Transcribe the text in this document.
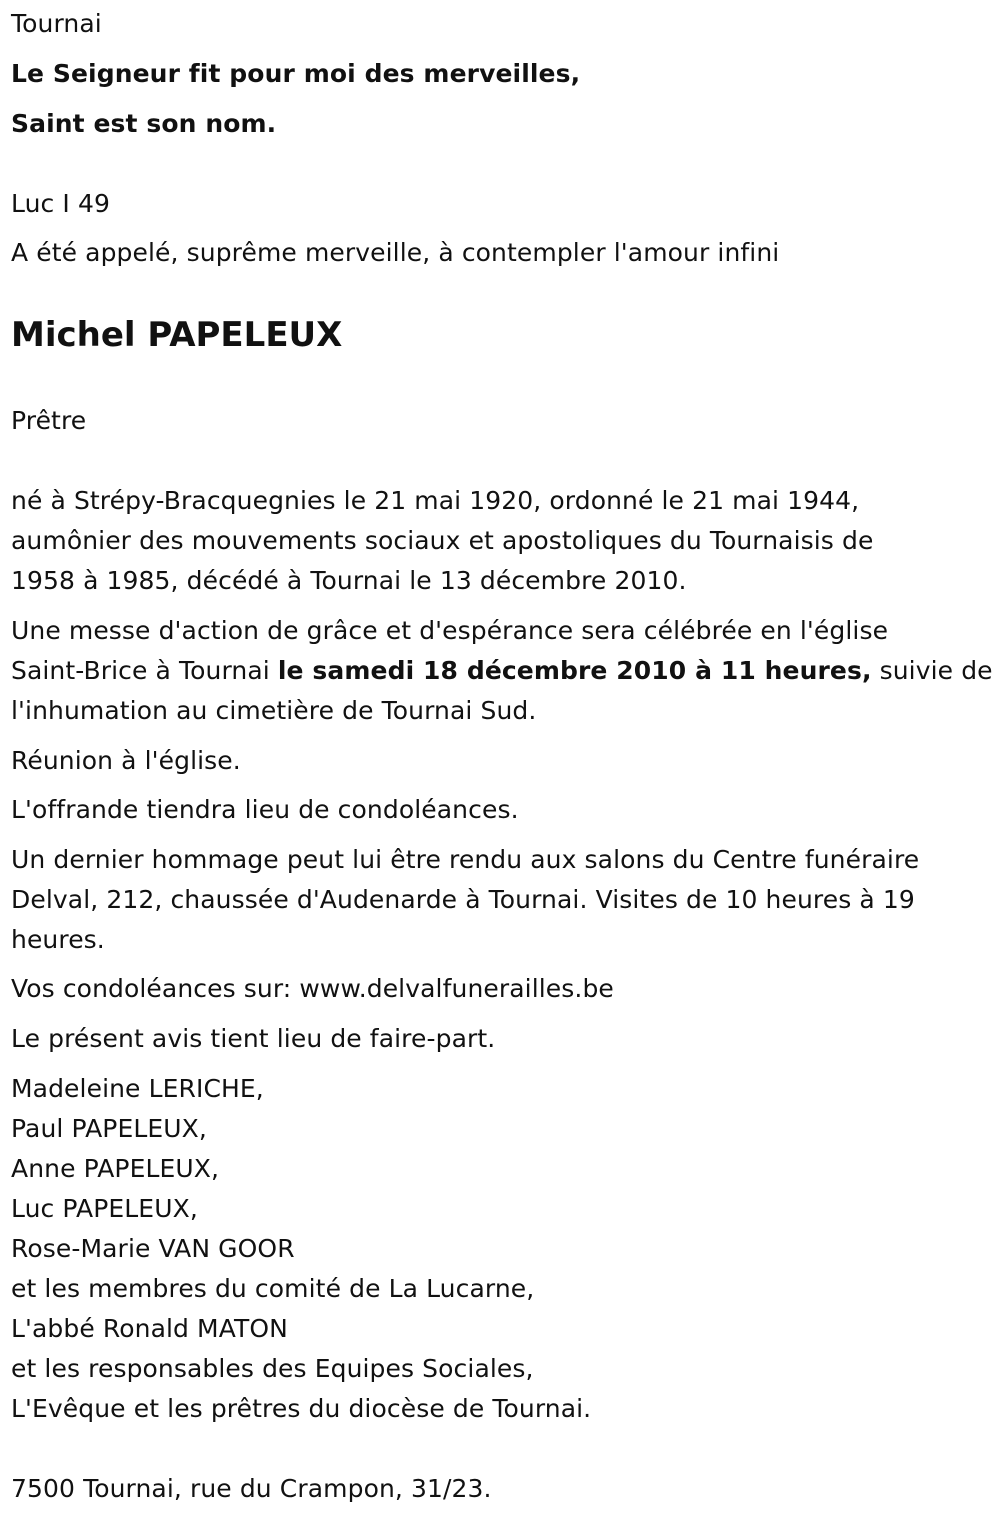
Tournai
Le Seigneur fit pour moi des merveilles,
Saint est son nom.
Luc I 49
A été appelé, suprême merveille, à contempler l'amour infini
Michel PAPELEUX
Prêtre
né à Strépy-Bracquegnies le 21 mai 1920, ordonné le 21 mai 1944,
aumônier des mouvements sociaux et apostoliques du Tournaisis de
1958 à 1985, décédé à Tournai le 13 décembre 2010.
Une messe d'action de grâce et d'espérance sera célébrée en l'église
Saint-Brice à Tournai le samedi 18 décembre 2010 à 11 heures, suivie de
l'inhumation au cimetière de Tournai Sud.
Réunion à l'église.
L'offrande tiendra lieu de condoléances.
Un dernier hommage peut lui être rendu aux salons du Centre funéraire
Delval, 212, chaussée d'Audenarde à Tournai. Visites de 10 heures à 19
heures.
Vos condoléances sur: www.delvalfunerailles.be
Le présent avis tient lieu de faire-part.
Madeleine LERICHE,
Paul PAPELEUX,
Anne PAPELEUX,
Luc PAPELEUX,
Rose-Marie VAN GOOR
et les membres du comité de La Lucarne,
L'abbé Ronald MATON
et les responsables des Equipes Sociales,
L'Evêque et les prêtres du diocèse de Tournai.
7500 Tournai, rue du Crampon, 31/23.
